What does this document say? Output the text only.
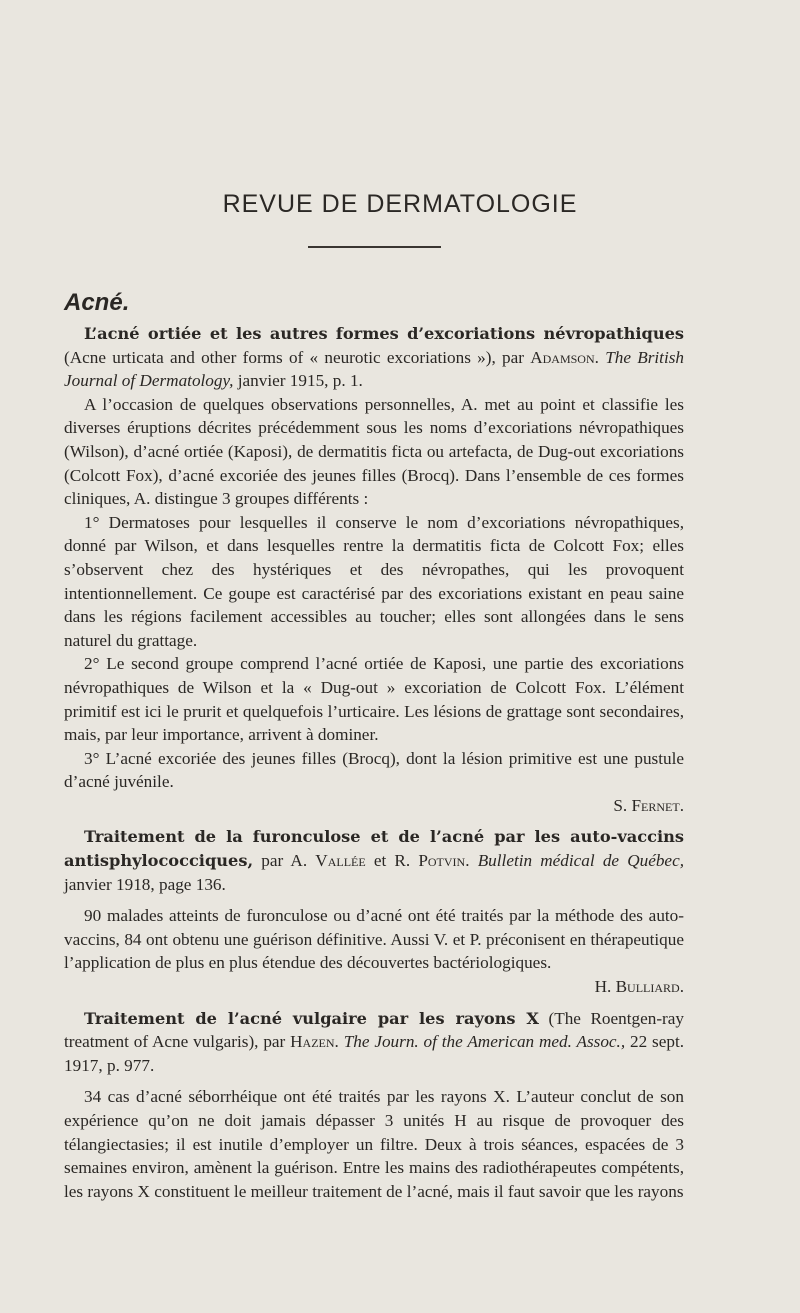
REVUE DE DERMATOLOGIE
Acné.

L’acné ortiée et les autres formes d’excoriations névropathiques (Acne urticata and other forms of « neurotic excoriations »), par Adamson. The British Journal of Dermatology, janvier 1915, p. 1.

A l’occasion de quelques observations personnelles, A. met au point et classifie les diverses éruptions décrites précédemment sous les noms d’excoriations névropathiques (Wilson), d’acné ortiée (Kaposi), de dermatitis ficta ou artefacta, de Dug-out excoriations (Colcott Fox), d’acné excoriée des jeunes filles (Brocq). Dans l’ensemble de ces formes cliniques, A. distingue 3 groupes différents :

1° Dermatoses pour lesquelles il conserve le nom d’excoriations névropathiques, donné par Wilson, et dans lesquelles rentre la dermatitis ficta de Colcott Fox; elles s’observent chez des hystériques et des névropathes, qui les provoquent intentionnellement. Ce goupe est caractérisé par des excoriations existant en peau saine dans les régions facilement accessibles au toucher; elles sont allongées dans le sens naturel du grattage.

2° Le second groupe comprend l’acné ortiée de Kaposi, une partie des excoriations névropathiques de Wilson et la « Dug-out » excoriation de Colcott Fox. L’élément primitif est ici le prurit et quelquefois l’urticaire. Les lésions de grattage sont secondaires, mais, par leur importance, arrivent à dominer.

3° L’acné excoriée des jeunes filles (Brocq), dont la lésion primitive est une pustule d’acné juvénile.

S. Fernet.

Traitement de la furonculose et de l’acné par les auto-vaccins antisphylococciques, par A. Vallée et R. Potvin. Bulletin médical de Québec, janvier 1918, page 136.

90 malades atteints de furonculose ou d’acné ont été traités par la méthode des auto-vaccins, 84 ont obtenu une guérison définitive. Aussi V. et P. préconisent en thérapeutique l’application de plus en plus étendue des découvertes bactériologiques.

H. Bulliard.

Traitement de l’acné vulgaire par les rayons X (The Roentgen-ray treatment of Acne vulgaris), par Hazen. The Journ. of the American med. Assoc., 22 sept. 1917, p. 977.

34 cas d’acné séborrhéique ont été traités par les rayons X. L’auteur conclut de son expérience qu’on ne doit jamais dépasser 3 unités H au risque de provoquer des télangiectasies; il est inutile d’employer un filtre. Deux à trois séances, espacées de 3 semaines environ, amènent la guérison. Entre les mains des radiothérapeutes compétents, les rayons X constituent le meilleur traitement de l’acné, mais il faut savoir que les rayons
